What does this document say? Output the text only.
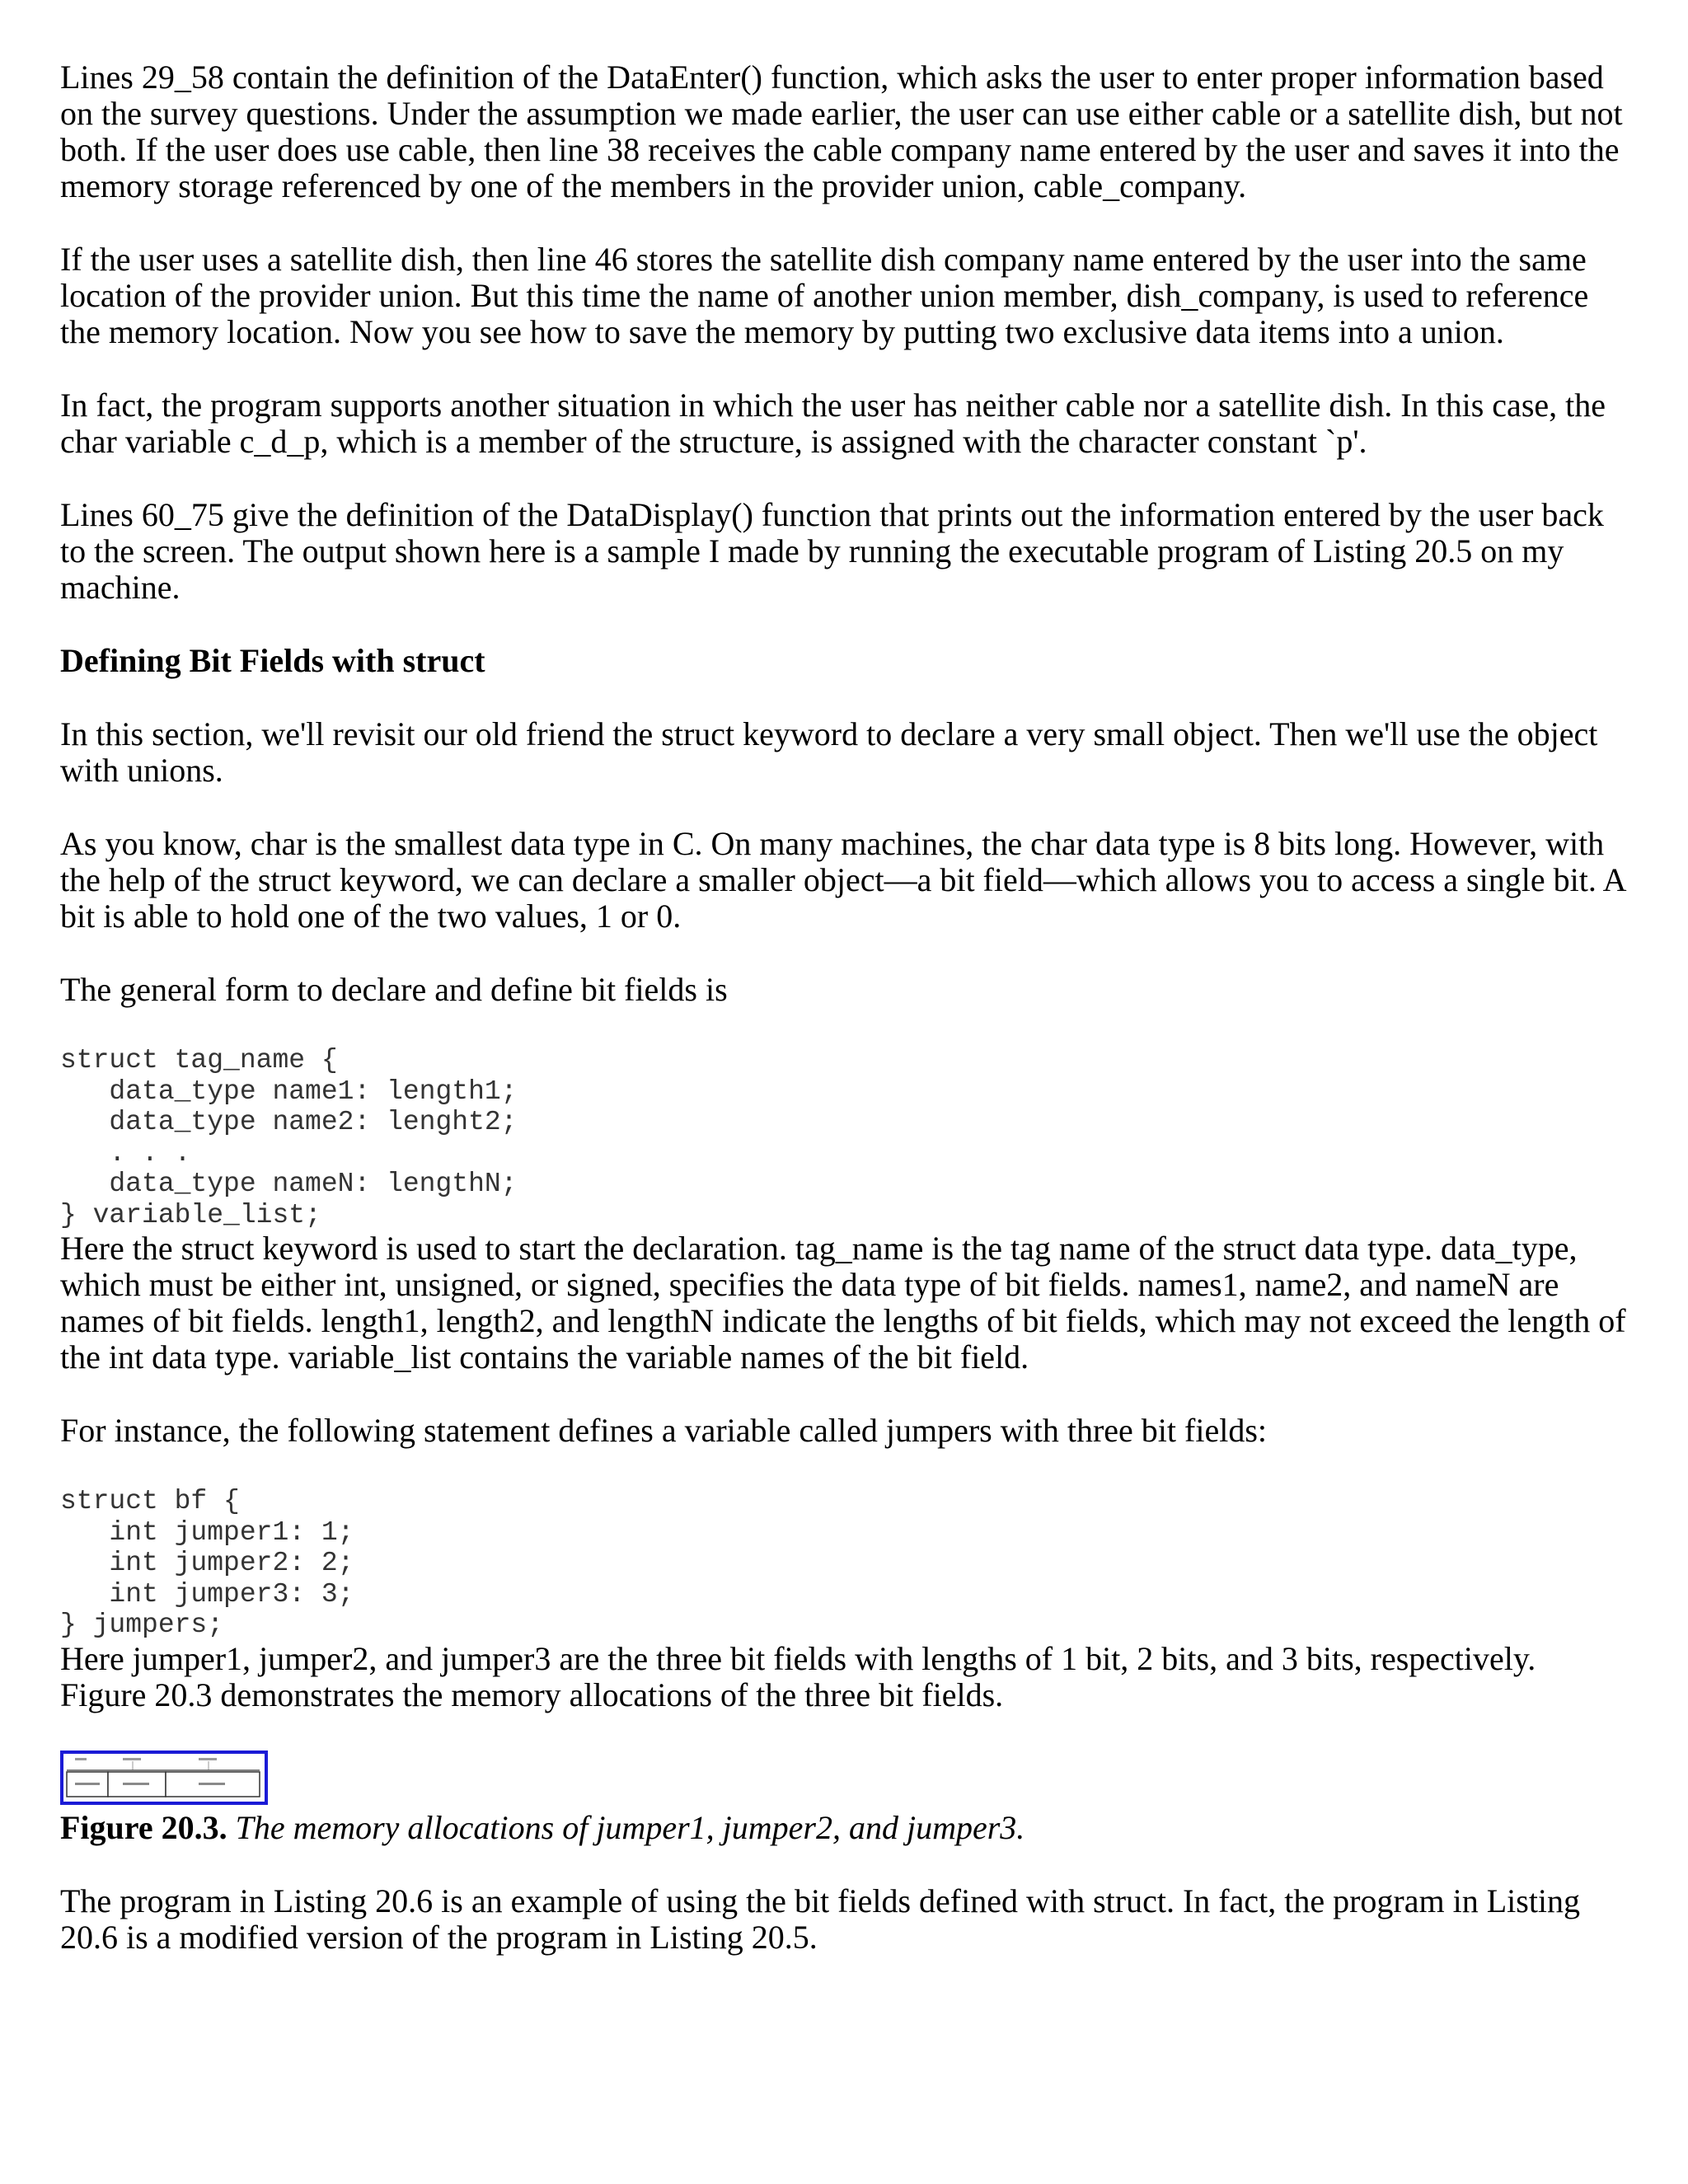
Lines 29_58 contain the definition of the DataEnter() function, which asks the user to enter proper information based on the survey questions. Under the assumption we made earlier, the user can use either cable or a satellite dish, but not both. If the user does use cable, then line 38 receives the cable company name entered by the user and saves it into the memory storage referenced by one of the members in the provider union, cable_company.

If the user uses a satellite dish, then line 46 stores the satellite dish company name entered by the user into the same location of the provider union. But this time the name of another union member, dish_company, is used to reference the memory location. Now you see how to save the memory by putting two exclusive data items into a union.

In fact, the program supports another situation in which the user has neither cable nor a satellite dish. In this case, the char variable c_d_p, which is a member of the structure, is assigned with the character constant `p'.

Lines 60_75 give the definition of the DataDisplay() function that prints out the information entered by the user back to the screen. The output shown here is a sample I made by running the executable program of Listing 20.5 on my machine.

Defining Bit Fields with struct

In this section, we'll revisit our old friend the struct keyword to declare a very small object. Then we'll use the object with unions.

As you know, char is the smallest data type in C. On many machines, the char data type is 8 bits long. However, with the help of the struct keyword, we can declare a smaller object—a bit field—which allows you to access a single bit. A bit is able to hold one of the two values, 1 or 0.

The general form to declare and define bit fields is

struct tag_name {
data_type name1: length1;
data_type name2: lenght2;
. . .
data_type nameN: lengthN;
} variable_list;

Here the struct keyword is used to start the declaration. tag_name is the tag name of the struct data type. data_type, which must be either int, unsigned, or signed, specifies the data type of bit fields. names1, name2, and nameN are names of bit fields. length1, length2, and lengthN indicate the lengths of bit fields, which may not exceed the length of the int data type. variable_list contains the variable names of the bit field.

For instance, the following statement defines a variable called jumpers with three bit fields:

struct bf {
int jumper1: 1;
int jumper2: 2;
int jumper3: 3;
} jumpers;

Here jumper1, jumper2, and jumper3 are the three bit fields with lengths of 1 bit, 2 bits, and 3 bits, respectively. Figure 20.3 demonstrates the memory allocations of the three bit fields.

Figure 20.3. The memory allocations of jumper1, jumper2, and jumper3.

The program in Listing 20.6 is an example of using the bit fields defined with struct. In fact, the program in Listing 20.6 is a modified version of the program in Listing 20.5.
